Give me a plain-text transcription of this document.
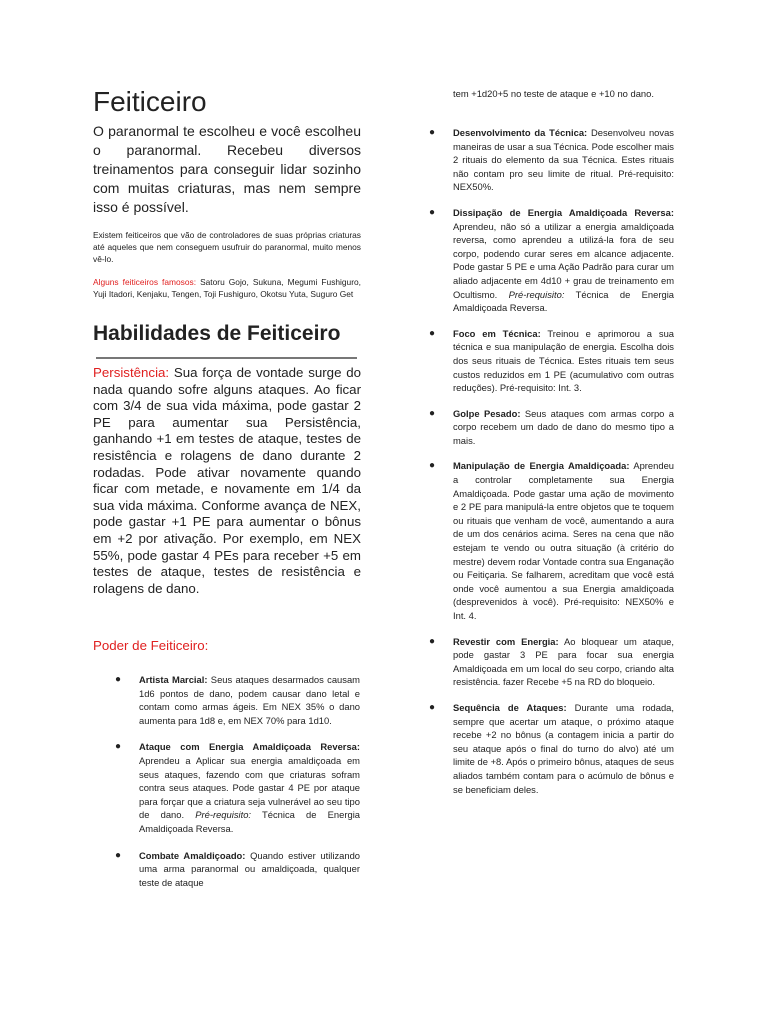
Feiticeiro

O paranormal te escolheu e você escolheu o paranormal. Recebeu diversos treinamentos para conseguir lidar sozinho com muitas criaturas, mas nem sempre isso é possível.

Existem feiticeiros que vão de controladores de suas próprias criaturas até aqueles que nem conseguem usufruir do paranormal, muito menos vê-lo.

Alguns feiticeiros famosos: Satoru Gojo, Sukuna, Megumi Fushiguro, Yuji Itadori, Kenjaku, Tengen, Toji Fushiguro, Okotsu Yuta, Suguro Get

Habilidades de Feiticeiro

Persistência: Sua força de vontade surge do nada quando sofre alguns ataques. Ao ficar com 3/4 de sua vida máxima, pode gastar 2 PE para aumentar sua Persistência, ganhando +1 em testes de ataque, testes de resistência e rolagens de dano durante 2 rodadas. Pode ativar novamente quando ficar com metade, e novamente em 1/4 da sua vida máxima. Conforme avança de NEX, pode gastar +1 PE para aumentar o bônus em +2 por ativação. Por exemplo, em NEX 55%, pode gastar 4 PEs para receber +5 em testes de ataque, testes de resistência e rolagens de dano.

Poder de Feiticeiro:

● Artista Marcial: Seus ataques desarmados causam 1d6 pontos de dano, podem causar dano letal e contam como armas ágeis. Em NEX 35% o dano aumenta para 1d8 e, em NEX 70% para 1d10.
● Ataque com Energia Amaldiçoada Reversa: Aprendeu a Aplicar sua energia amaldiçoada em seus ataques, fazendo com que criaturas sofram contra seus ataques. Pode gastar 4 PE por ataque para forçar que a criatura seja vulnerável ao seu tipo de dano. Pré-requisito: Técnica de Energia Amaldiçoada Reversa.
● Combate Amaldiçoado: Quando estiver utilizando uma arma paranormal ou amaldiçoada, qualquer teste de ataque

tem +1d20+5 no teste de ataque e +10 no dano.

● Desenvolvimento da Técnica: Desenvolveu novas maneiras de usar a sua Técnica. Pode escolher mais 2 rituais do elemento da sua Técnica. Estes rituais não contam pro seu limite de ritual. Pré-requisito: NEX50%.
● Dissipação de Energia Amaldiçoada Reversa: Aprendeu, não só a utilizar a energia amaldiçoada reversa, como aprendeu a utilizá-la fora de seu corpo, podendo curar seres em alcance adjacente. Pode gastar 5 PE e uma Ação Padrão para curar um aliado adjacente em 4d10 + grau de treinamento em Ocultismo. Pré-requisito: Técnica de Energia Amaldiçoada Reversa.
● Foco em Técnica: Treinou e aprimorou a sua técnica e sua manipulação de energia. Escolha dois dos seus rituais de Técnica. Estes rituais tem seus custos reduzidos em 1 PE (acumulativo com outras reduções). Pré-requisito: Int. 3.
● Golpe Pesado: Seus ataques com armas corpo a corpo recebem um dado de dano do mesmo tipo a mais.
● Manipulação de Energia Amaldiçoada: Aprendeu a controlar completamente sua Energia Amaldiçoada. Pode gastar uma ação de movimento e 2 PE para manipulá-la entre objetos que te toquem ou rituais que venham de você, aumentando a aura de um dos cenários acima. Seres na cena que não estejam te vendo ou outra situação (à critério do mestre) devem rodar Vontade contra sua Enganação ou Feitiçaria. Se falharem, acreditam que você está onde você aumentou a sua Energia amaldiçoada (desprevenidos à você). Pré-requisito: NEX50% e Int. 4.
● Revestir com Energia: Ao bloquear um ataque, pode gastar 3 PE para focar sua energia Amaldiçoada em um local do seu corpo, criando alta resistência. fazer Recebe +5 na RD do bloqueio.
● Sequência de Ataques: Durante uma rodada, sempre que acertar um ataque, o próximo ataque recebe +2 no bônus (a contagem inicia a partir do seu ataque após o final do turno do alvo) até um limite de +8. Após o primeiro bônus, ataques de seus aliados também contam para o acúmulo de bônus e se beneficiam deles.
